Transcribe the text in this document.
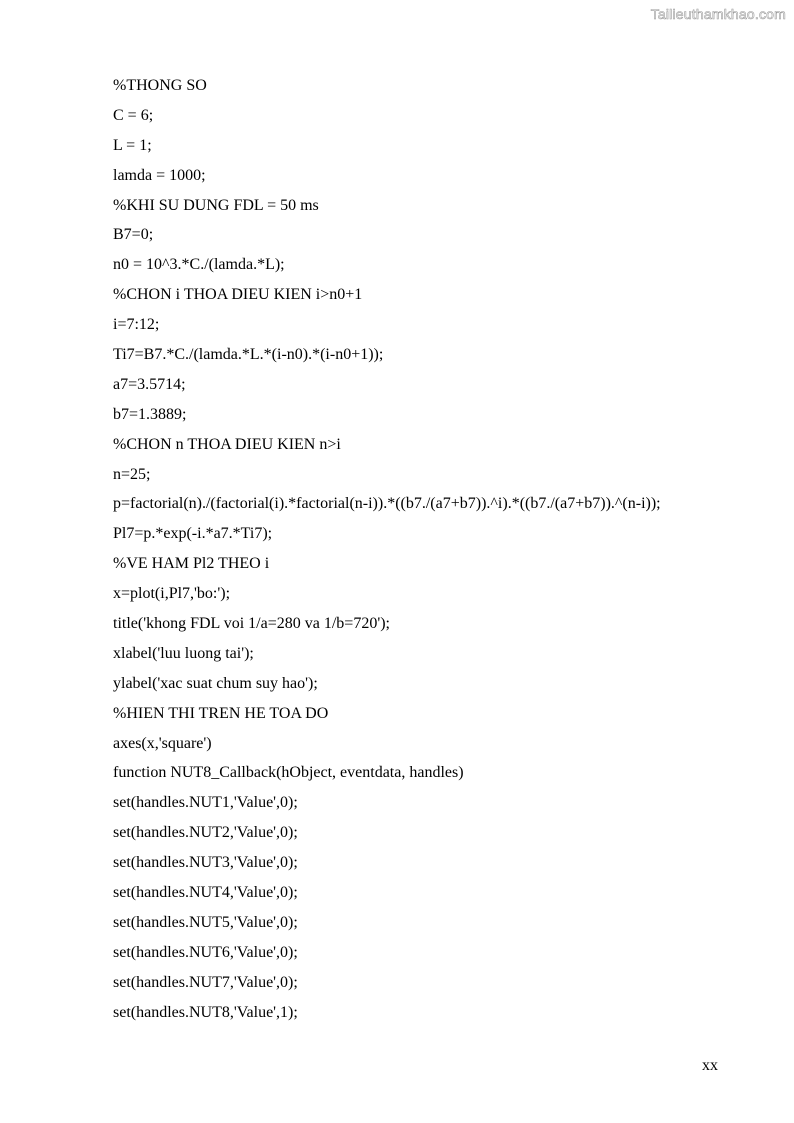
Tailieuthamkhao.com
%THONG SO
C = 6;
L = 1;
lamda = 1000;
%KHI SU DUNG FDL = 50 ms
B7=0;
n0 = 10^3.*C./(lamda.*L);
%CHON i THOA DIEU KIEN i>n0+1
i=7:12;
Ti7=B7.*C./(lamda.*L.*(i-n0).*(i-n0+1));
a7=3.5714;
b7=1.3889;
%CHON n THOA DIEU KIEN n>i
n=25;
p=factorial(n)./(factorial(i).*factorial(n-i)).*((b7./(a7+b7)).^i).*((b7./(a7+b7)).^(n-i));
Pl7=p.*exp(-i.*a7.*Ti7);
%VE HAM Pl2 THEO i
x=plot(i,Pl7,'bo:');
title('khong FDL voi 1/a=280 va 1/b=720');
xlabel('luu luong tai');
ylabel('xac suat chum suy hao');
%HIEN THI TREN HE TOA DO
axes(x,'square')
function NUT8_Callback(hObject, eventdata, handles)
set(handles.NUT1,'Value',0);
set(handles.NUT2,'Value',0);
set(handles.NUT3,'Value',0);
set(handles.NUT4,'Value',0);
set(handles.NUT5,'Value',0);
set(handles.NUT6,'Value',0);
set(handles.NUT7,'Value',0);
set(handles.NUT8,'Value',1);
xx
